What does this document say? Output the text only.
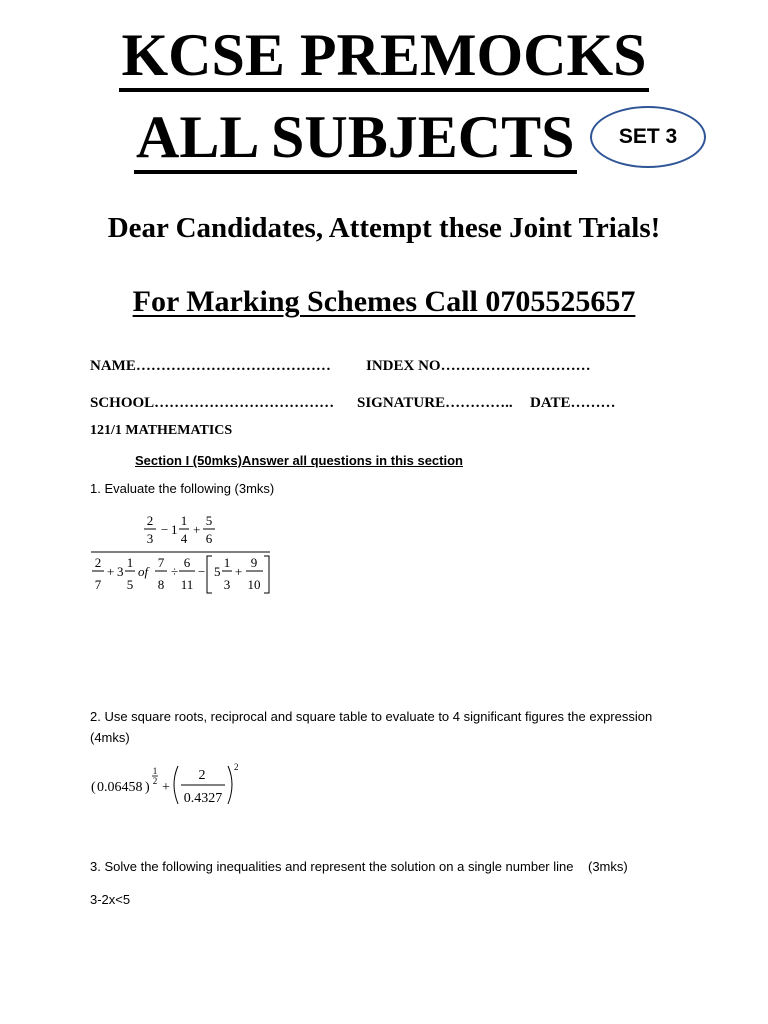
KCSE PREMOCKS
ALL SUBJECTS	SET 3
Dear Candidates, Attempt these Joint Trials!
For Marking Schemes Call 0705525657
NAME………………………………… INDEX NO…………………………
SCHOOL……………………………… SIGNATURE………….. DATE………
121/1 MATHEMATICS
Section I (50mks)Answer all questions in this section
1. Evaluate the following (3mks)
2
3
− 1
1
4
+
5
6
2
7
+ 3
1
5
of
7
8
÷
6
11
− 5
1
3
+
9
10
2. Use square roots, reciprocal and square table to evaluate to 4 significant figures the expression
(4mks)
( 0.06458 )
1
2 +
2
0.4327
2
3. Solve the following inequalities and represent the solution on a single number line (3mks)
3-2x<5
